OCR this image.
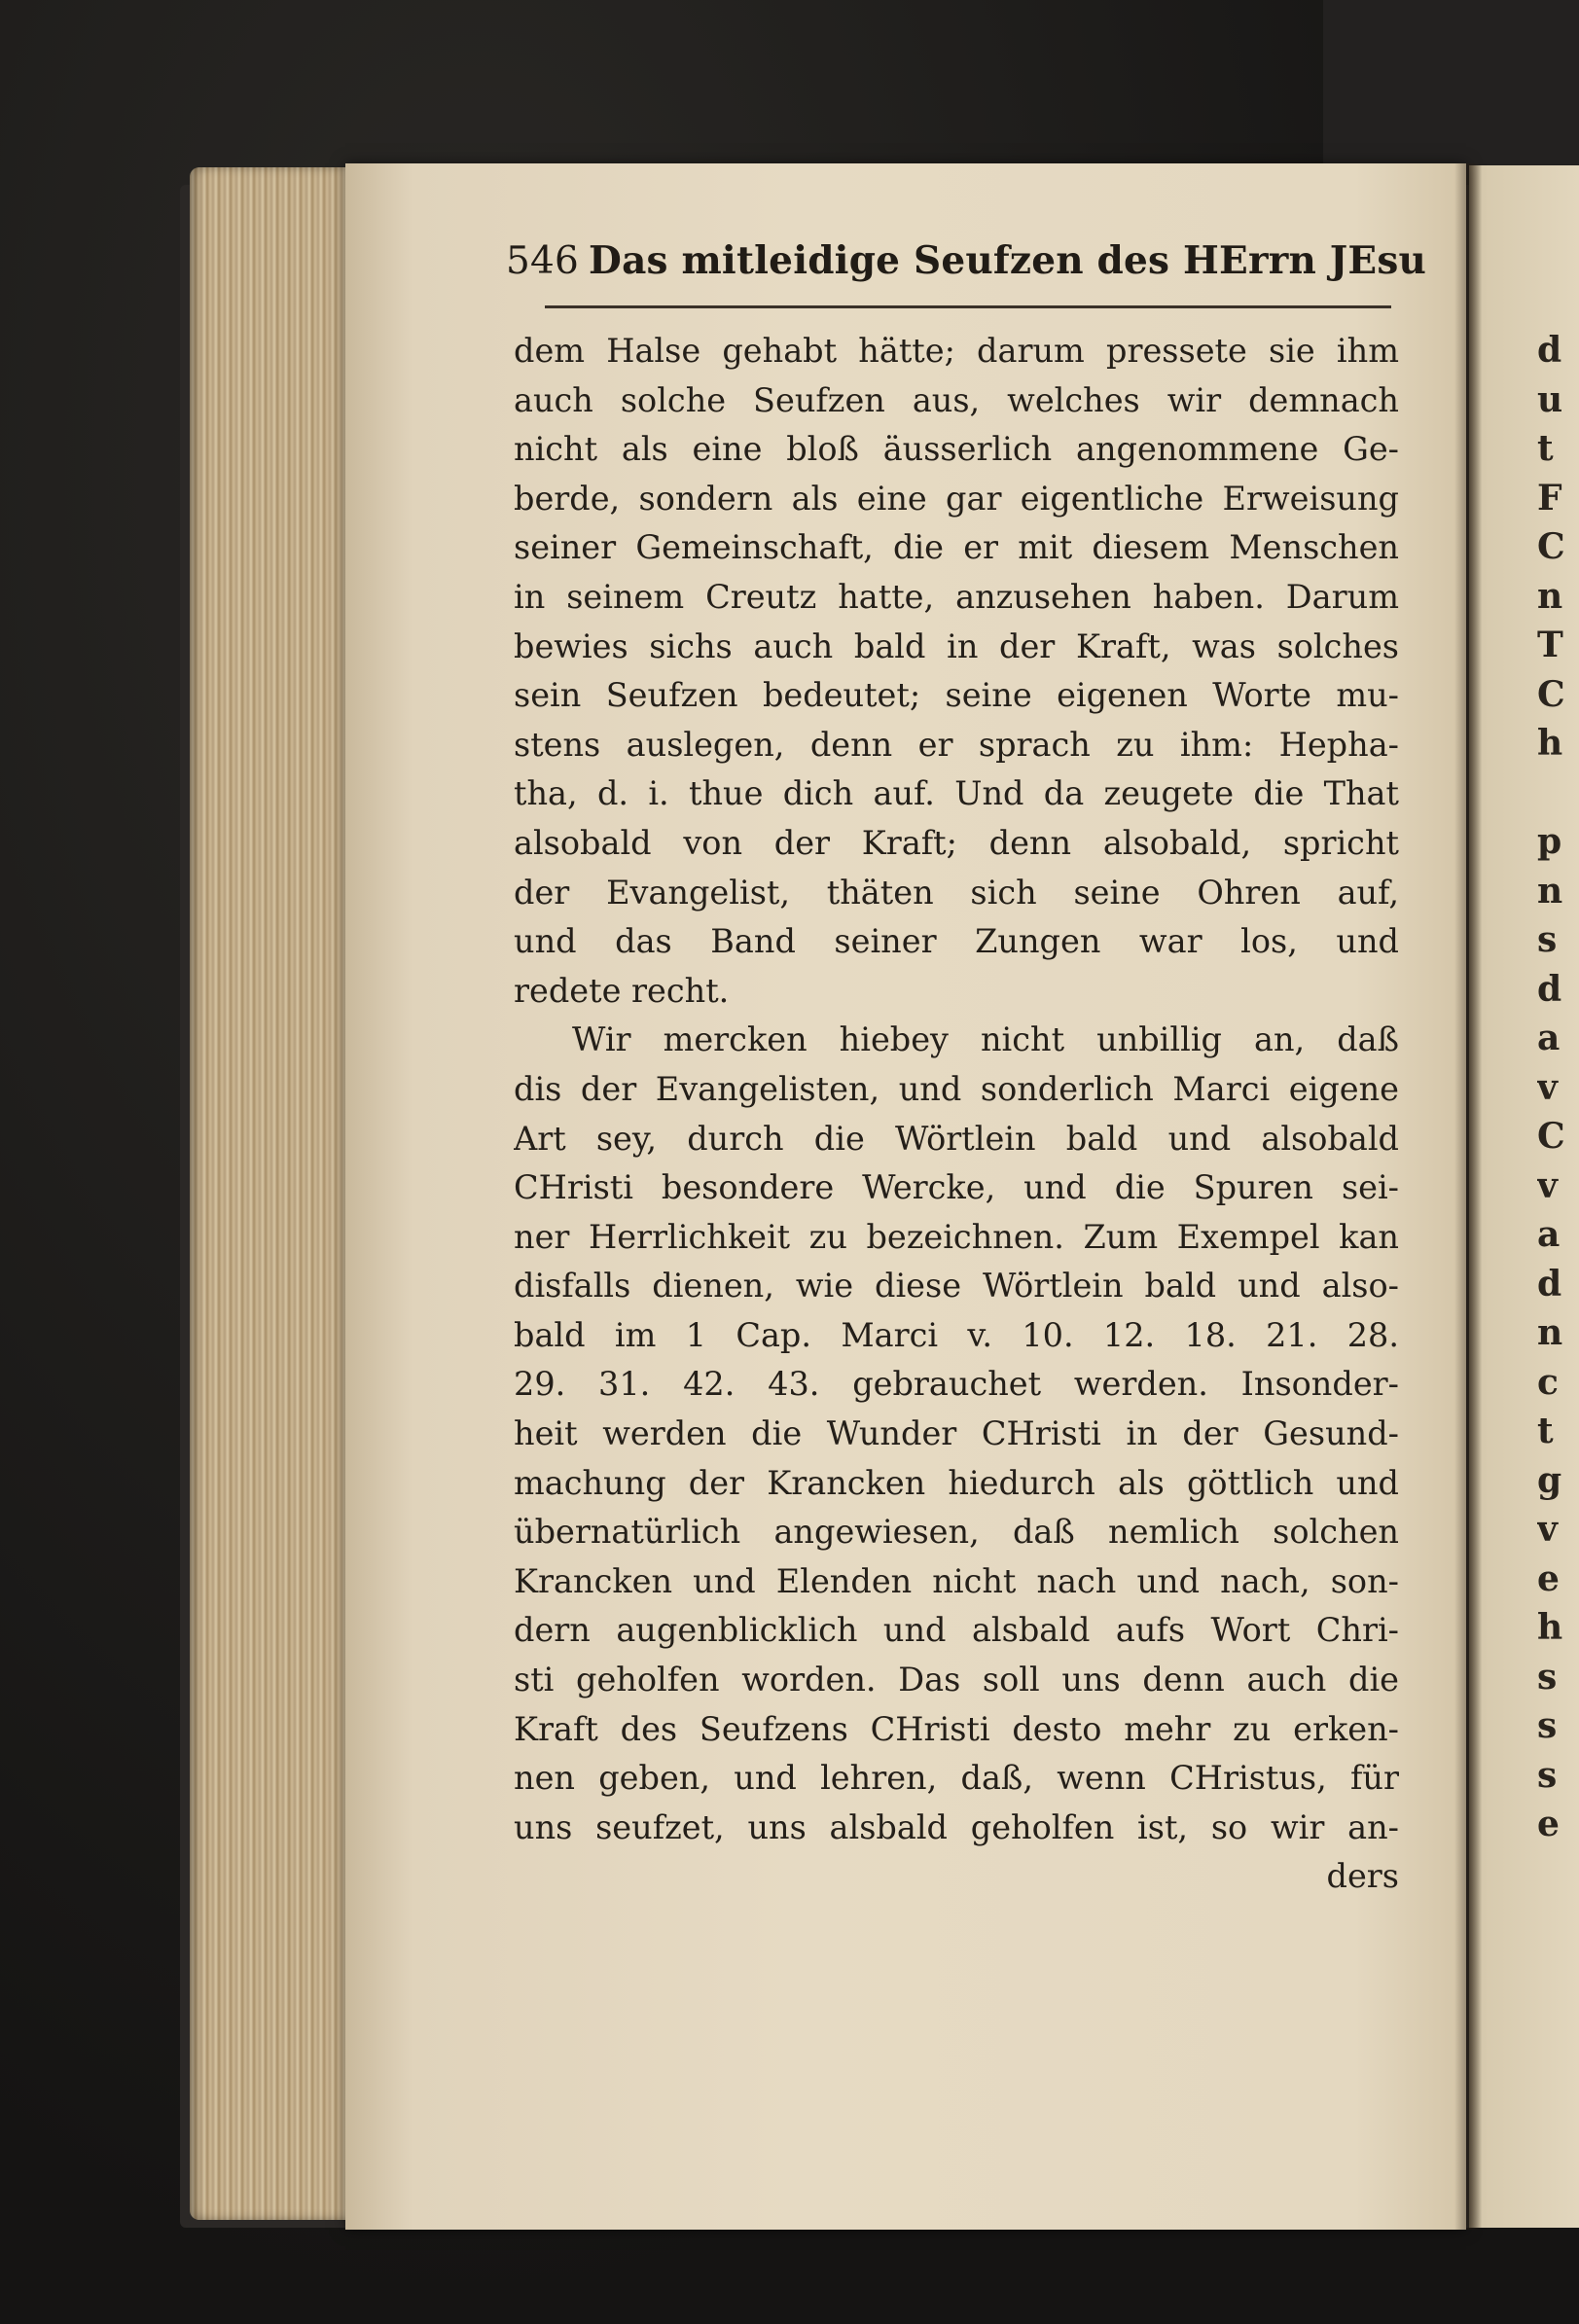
546 Das mitleidige Seufzen des HErrn JEsu
dem Halse gehabt hätte; darum pressete sie ihm
auch solche Seufzen aus, welches wir demnach
nicht als eine bloß äusserlich angenommene Ge-
berde, sondern als eine gar eigentliche Erweisung
seiner Gemeinschaft, die er mit diesem Menschen
in seinem Creutz hatte, anzusehen haben. Darum
bewies sichs auch bald in der Kraft, was solches
sein Seufzen bedeutet; seine eigenen Worte mu-
stens auslegen, denn er sprach zu ihm: Hepha-
tha, d. i. thue dich auf. Und da zeugete die That
alsobald von der Kraft; denn alsobald, spricht
der Evangelist, thäten sich seine Ohren auf,
und das Band seiner Zungen war los, und
redete recht.
Wir mercken hiebey nicht unbillig an, daß
dis der Evangelisten, und sonderlich Marci eigene
Art sey, durch die Wörtlein bald und alsobald
CHristi besondere Wercke, und die Spuren sei-
ner Herrlichkeit zu bezeichnen. Zum Exempel kan
disfalls dienen, wie diese Wörtlein bald und also-
bald im 1 Cap. Marci v. 10. 12. 18. 21. 28.
29. 31. 42. 43. gebrauchet werden. Insonder-
heit werden die Wunder CHristi in der Gesund-
machung der Krancken hiedurch als göttlich und
übernatürlich angewiesen, daß nemlich solchen
Krancken und Elenden nicht nach und nach, son-
dern augenblicklich und alsbald aufs Wort Chri-
sti geholfen worden. Das soll uns denn auch die
Kraft des Seufzens CHristi desto mehr zu erken-
nen geben, und lehren, daß, wenn CHristus, für
uns seufzet, uns alsbald geholfen ist, so wir an-
ders
d
u
t
F
C
n
T
C
h
p
n
s
d
a
v
C
v
a
d
n
c
t
g
v
e
h
s
s
s
e
